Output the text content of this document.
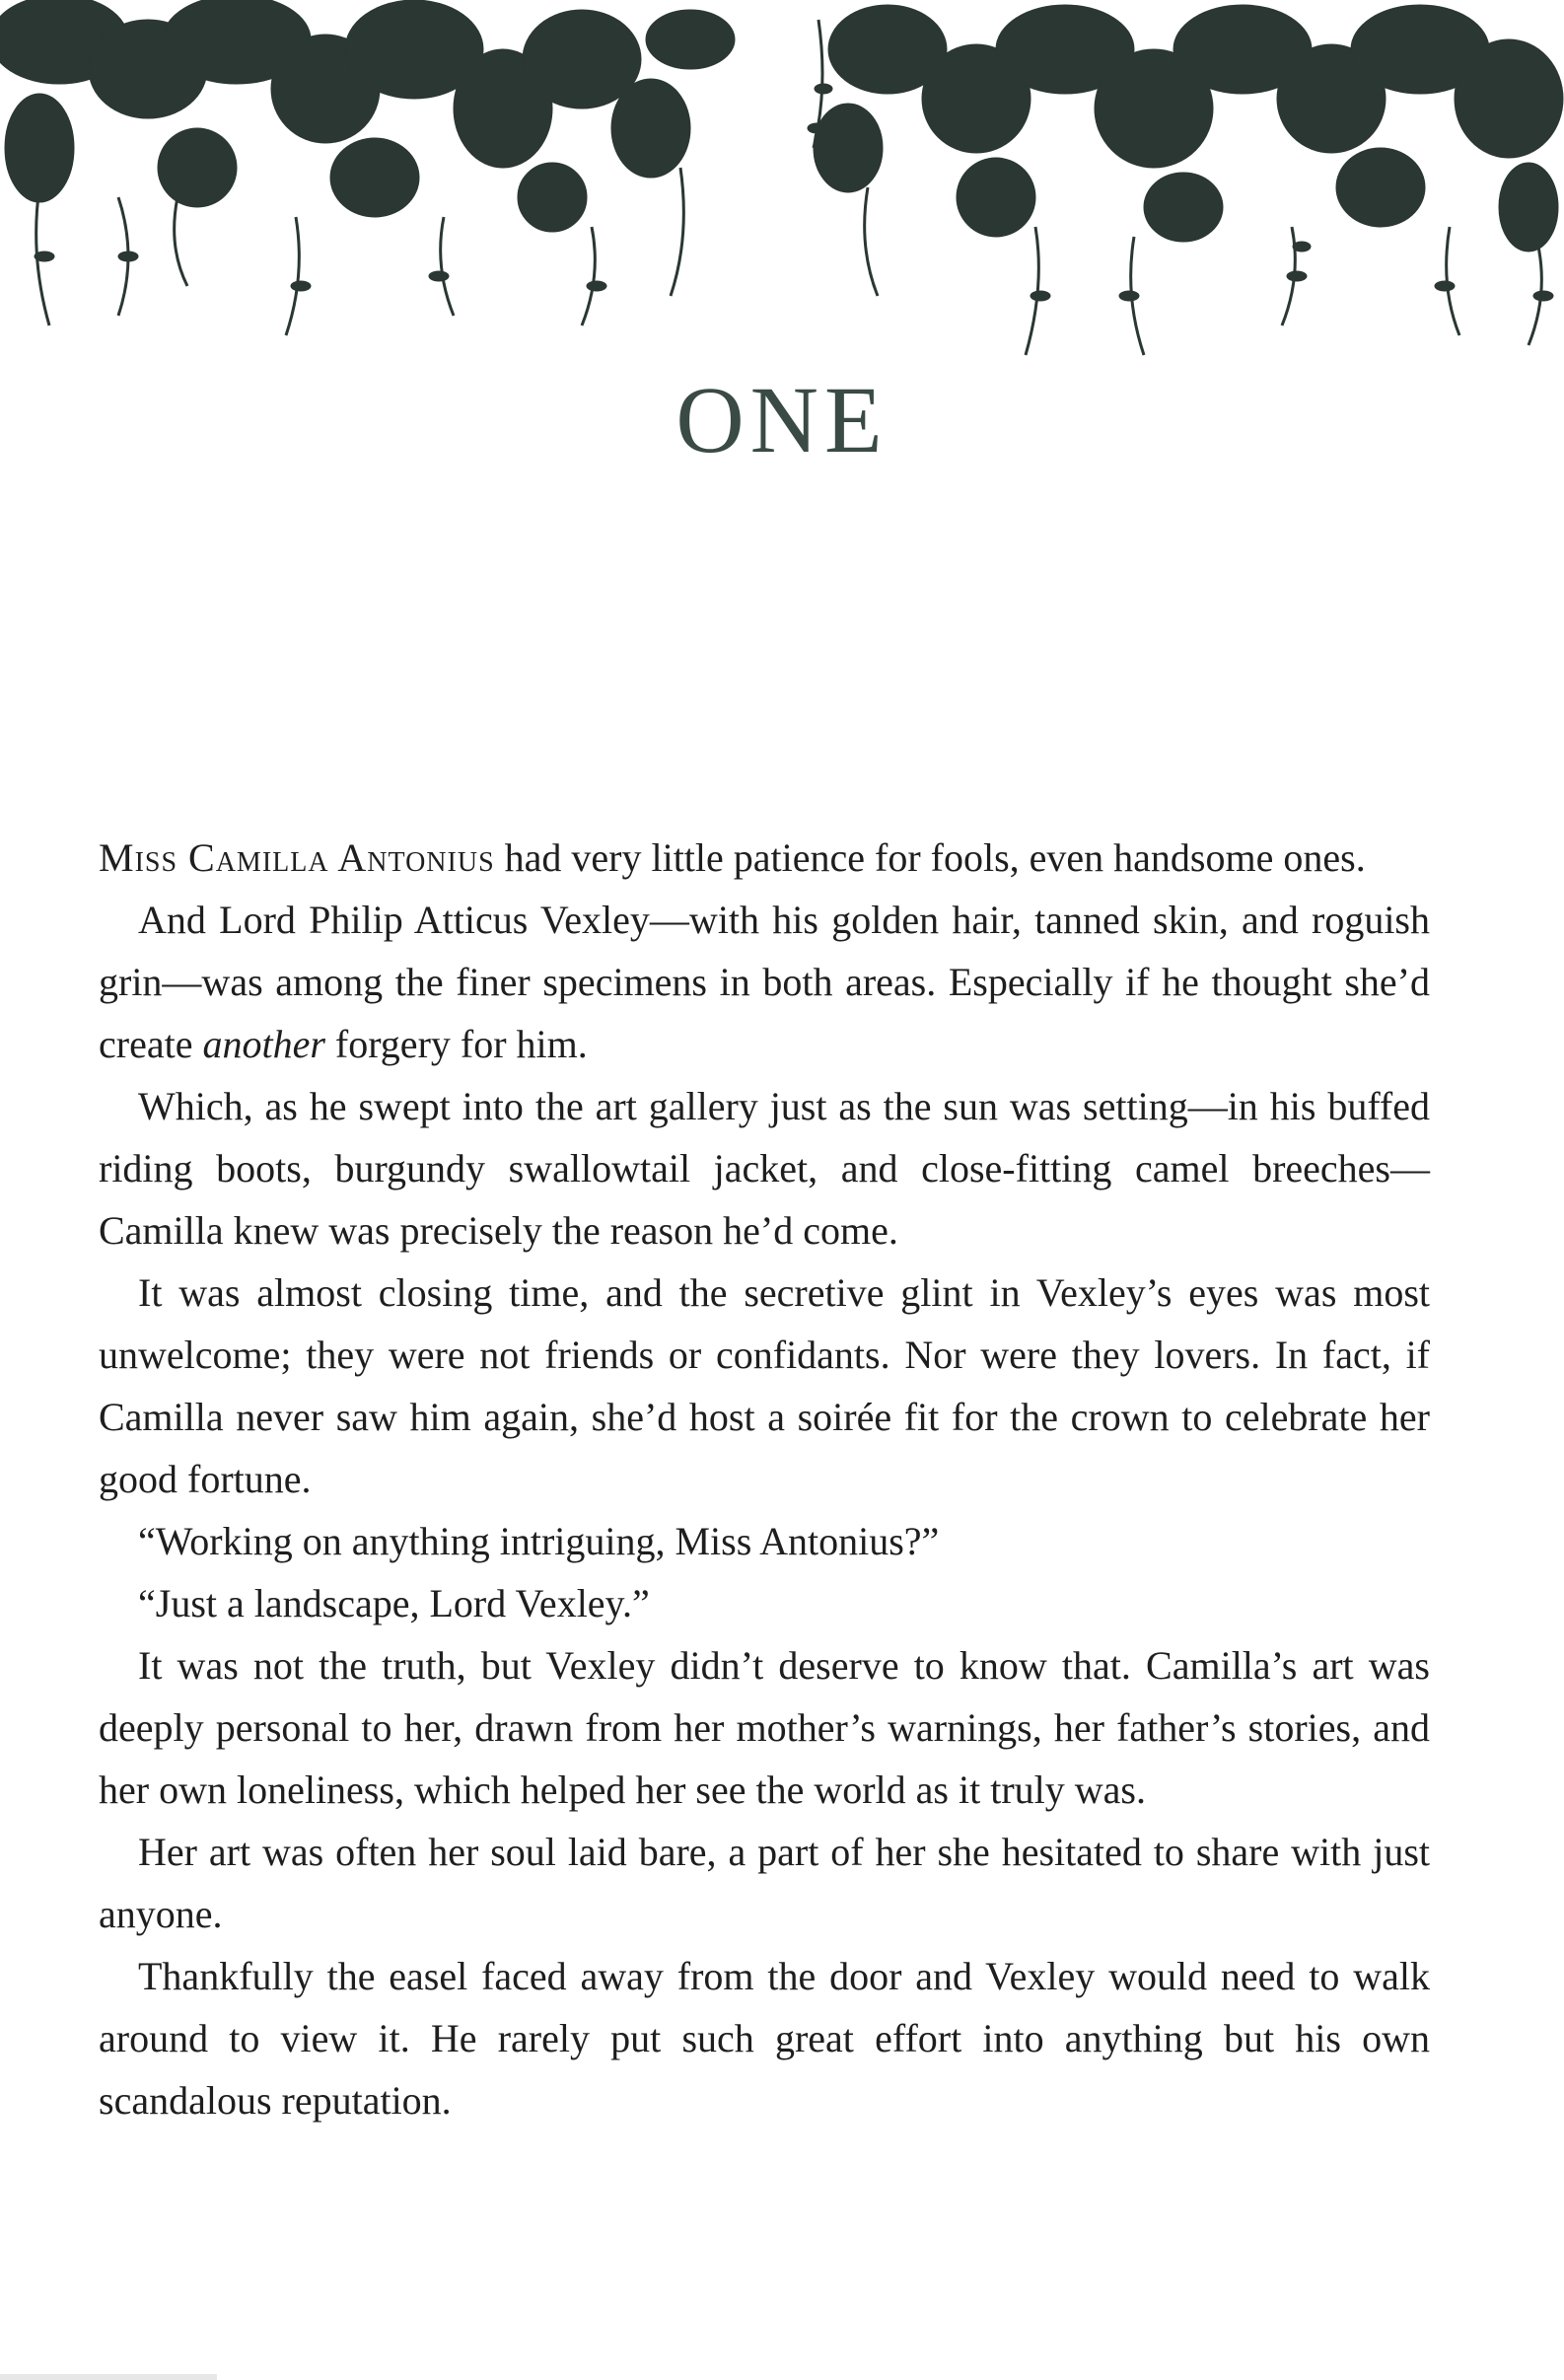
ONE

Miss Camilla Antonius had very little patience for fools, even handsome ones.

And Lord Philip Atticus Vexley—with his golden hair, tanned skin, and roguish grin—was among the finer specimens in both areas. Especially if he thought she’d create another forgery for him.

Which, as he swept into the art gallery just as the sun was setting—in his buffed riding boots, burgundy swallowtail jacket, and close-fitting camel breeches—Camilla knew was precisely the reason he’d come.

It was almost closing time, and the secretive glint in Vexley’s eyes was most unwelcome; they were not friends or confidants. Nor were they lovers. In fact, if Camilla never saw him again, she’d host a soirée fit for the crown to celebrate her good fortune.

“Working on anything intriguing, Miss Antonius?”

“Just a landscape, Lord Vexley.”

It was not the truth, but Vexley didn’t deserve to know that. Camilla’s art was deeply personal to her, drawn from her mother’s warnings, her father’s stories, and her own loneliness, which helped her see the world as it truly was.

Her art was often her soul laid bare, a part of her she hesitated to share with just anyone.

Thankfully the easel faced away from the door and Vexley would need to walk around to view it. He rarely put such great effort into anything but his own scandalous reputation.
